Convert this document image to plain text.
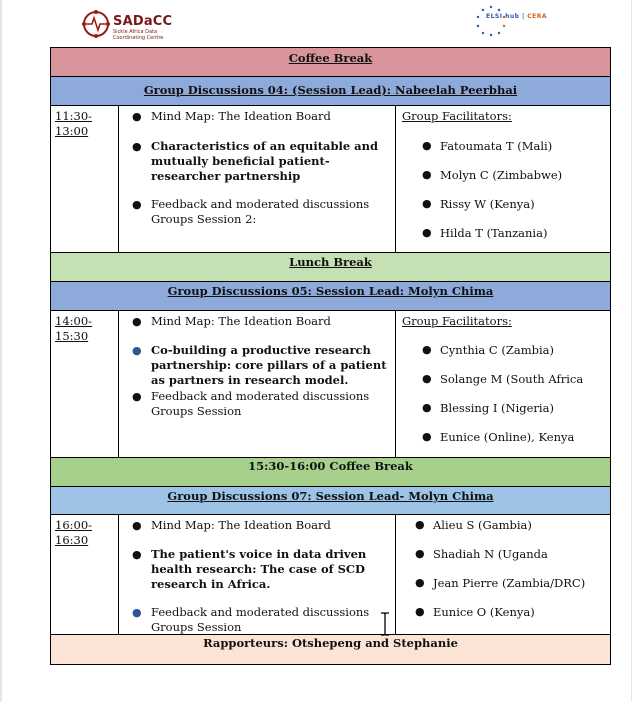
SADaCC
Sickle Africa Data Coordinating Centre
ELSI hub | CERA
Coffee Break
Group Discussions 04: (Session Lead): Nabeelah Peerbhai
11:30-
13:00
● Mind Map: The Ideation Board
● Characteristics of an equitable and mutually beneficial patient-researcher partnership
● Feedback and moderated discussions Groups Session 2:
Group Facilitators:
● Fatoumata T (Mali)
● Molyn C (Zimbabwe)
● Rissy W (Kenya)
● Hilda T (Tanzania)
Lunch Break
Group Discussions 05: Session Lead: Molyn Chima
14:00-
15:30
● Mind Map: The Ideation Board
● Co-building a productive research partnership: core pillars of a patient as partners in research model.
● Feedback and moderated discussions Groups Session
Group Facilitators:
● Cynthia C (Zambia)
● Solange M (South Africa
● Blessing I (Nigeria)
● Eunice (Online), Kenya
15:30-16:00 Coffee Break
Group Discussions 07: Session Lead- Molyn Chima
16:00-
16:30
● Mind Map: The Ideation Board
● The patient's voice in data driven health research: The case of SCD research in Africa.
● Feedback and moderated discussions Groups Session
● Alieu S (Gambia)
● Shadiah N (Uganda
● Jean Pierre (Zambia/DRC)
● Eunice O (Kenya)
Rapporteurs: Otshepeng and Stephanie
